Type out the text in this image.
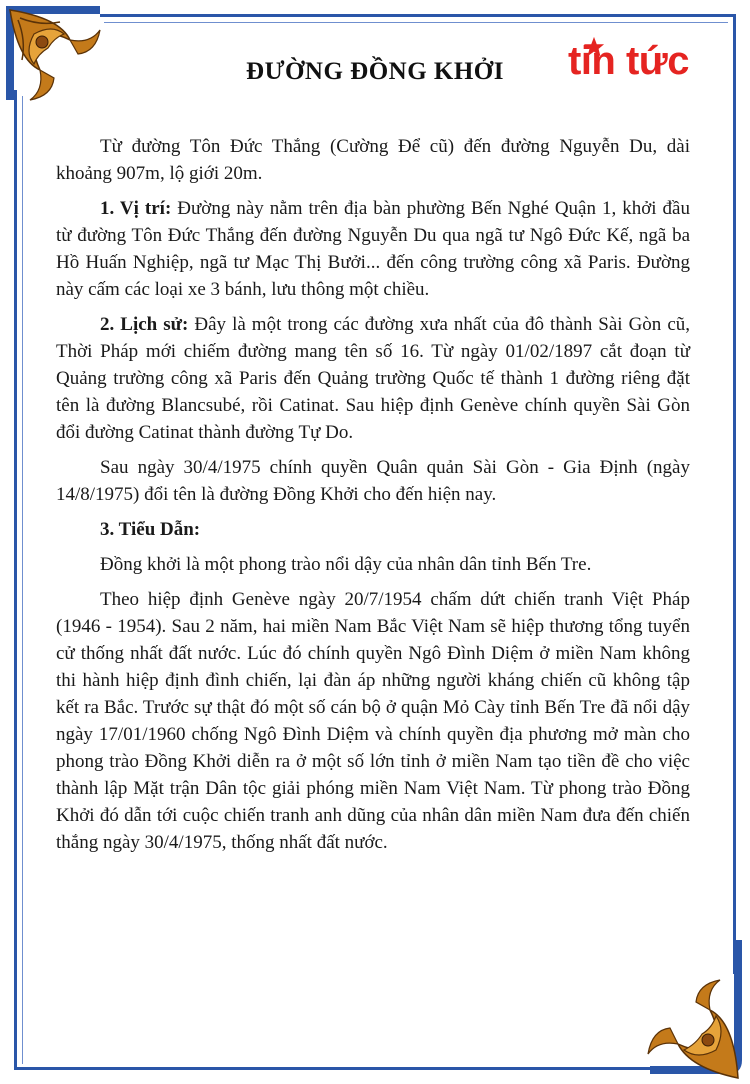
tin tức
ĐƯỜNG ĐỒNG KHỞI

Từ đường Tôn Đức Thắng (Cường Để cũ) đến đường Nguyễn Du, dài khoảng 907m, lộ giới 20m.

1. Vị trí: Đường này nằm trên địa bàn phường Bến Nghé Quận 1, khởi đầu từ đường Tôn Đức Thắng đến đường Nguyễn Du qua ngã tư Ngô Đức Kế, ngã ba Hồ Huấn Nghiệp, ngã tư Mạc Thị Bưởi... đến công trường công xã Paris. Đường này cấm các loại xe 3 bánh, lưu thông một chiều.

2. Lịch sử: Đây là một trong các đường xưa nhất của đô thành Sài Gòn cũ, Thời Pháp mới chiếm đường mang tên số 16. Từ ngày 01/02/1897 cắt đoạn từ Quảng trường công xã Paris đến Quảng trường Quốc tế thành 1 đường riêng đặt tên là đường Blancsubé, rồi Catinat. Sau hiệp định Genève chính quyền Sài Gòn đổi đường Catinat thành đường Tự Do.

Sau ngày 30/4/1975 chính quyền Quân quản Sài Gòn - Gia Định (ngày 14/8/1975) đổi tên là đường Đồng Khởi cho đến hiện nay.

3. Tiểu Dẫn:

Đồng khởi là một phong trào nổi dậy của nhân dân tỉnh Bến Tre.

Theo hiệp định Genève ngày 20/7/1954 chấm dứt chiến tranh Việt Pháp (1946 - 1954). Sau 2 năm, hai miền Nam Bắc Việt Nam sẽ hiệp thương tổng tuyển cử thống nhất đất nước. Lúc đó chính quyền Ngô Đình Diệm ở miền Nam không thi hành hiệp định đình chiến, lại đàn áp những người kháng chiến cũ không tập kết ra Bắc. Trước sự thật đó một số cán bộ ở quận Mỏ Cày tỉnh Bến Tre đã nổi dậy ngày 17/01/1960 chống Ngô Đình Diệm và chính quyền địa phương mở màn cho phong trào Đồng Khởi diễn ra ở một số lớn tỉnh ở miền Nam tạo tiền đề cho việc thành lập Mặt trận Dân tộc giải phóng miền Nam Việt Nam. Từ phong trào Đồng Khởi đó dẫn tới cuộc chiến tranh anh dũng của nhân dân miền Nam đưa đến chiến thắng ngày 30/4/1975, thống nhất đất nước.
